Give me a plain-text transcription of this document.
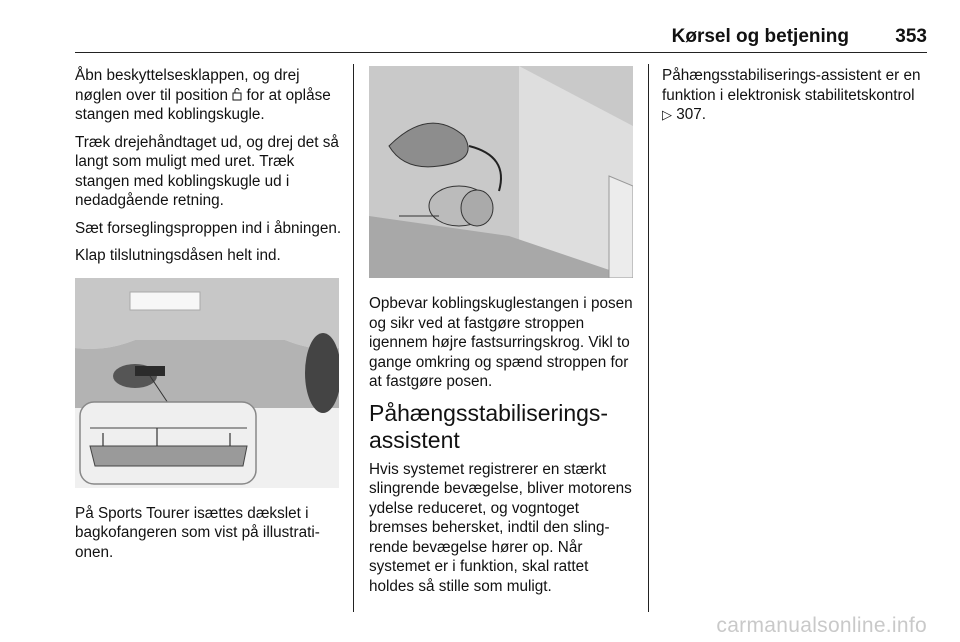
Kørsel og betjening 353

Åbn beskyttelsesklappen, og drej nøglen over til position  for at oplåse stangen med koblingskugle.

Træk drejehåndtaget ud, og drej det så langt som muligt med uret. Træk stangen med koblingskugle ud i nedadgående retning.

Sæt forseglingsproppen ind i åbningen.

Klap tilslutningsdåsen helt ind.

På Sports Tourer isættes dækslet i bagkofangeren som vist på illustrationen.

Opbevar koblingskuglestangen i posen og sikr ved at fastgøre stroppen igennem højre fastsurringskrog. Vikl to gange omkring og spænd stroppen for at fastgøre posen.

Påhængsstabiliseringsassistent

Hvis systemet registrerer en stærkt slingrende bevægelse, bliver motorens ydelse reduceret, og vogntoget bremses behersket, indtil den slingrende bevægelse hører op. Når systemet er i funktion, skal rattet holdes så stille som muligt.

Påhængsstabiliserings-assistent er en funktion i elektronisk stabilitetskontrol ▷ 307.

carmanualsonline.info
